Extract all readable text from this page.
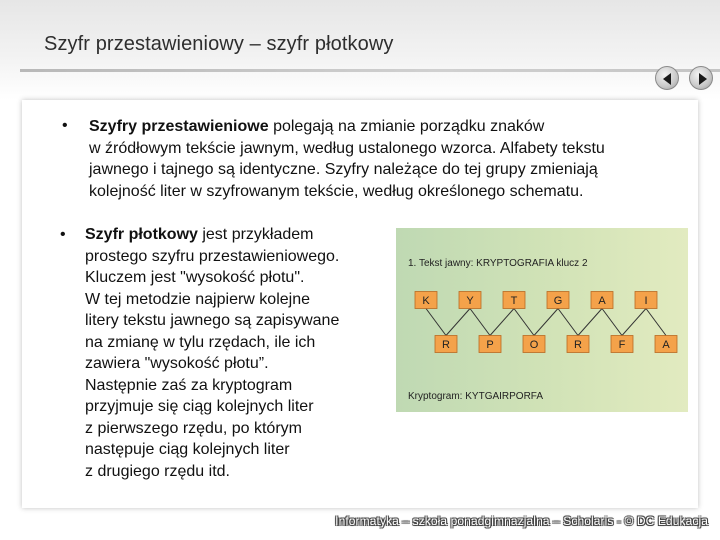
Szyfr przestawieniowy – szyfr płotkowy
• Szyfry przestawieniowe polegają na zmianie porządku znaków
w źródłowym tekście jawnym, według ustalonego wzorca. Alfabety tekstu
jawnego i tajnego są identyczne. Szyfry należące do tej grupy zmieniają
kolejność liter w szyfrowanym tekście, według określonego schematu.
• Szyfr płotkowy jest przykładem
prostego szyfru przestawieniowego.
Kluczem jest "wysokość płotu".
W tej metodzie najpierw kolejne
litery tekstu jawnego są zapisywane
na zmianę w tylu rzędach, ile ich
zawiera "wysokość płotu”.
Następnie zaś za kryptogram
przyjmuje się ciąg kolejnych liter
z pierwszego rzędu, po którym
następuje ciąg kolejnych liter
z drugiego rzędu itd.
1. Tekst jawny: KRYPTOGRAFIA klucz 2
K
R
Y
P
T
O
G
R
A
F
I
A
Kryptogram: KYTGAIRPORFA
Informatyka – szkoła ponadgimnazjalna – Scholaris - © DC Edukacja
